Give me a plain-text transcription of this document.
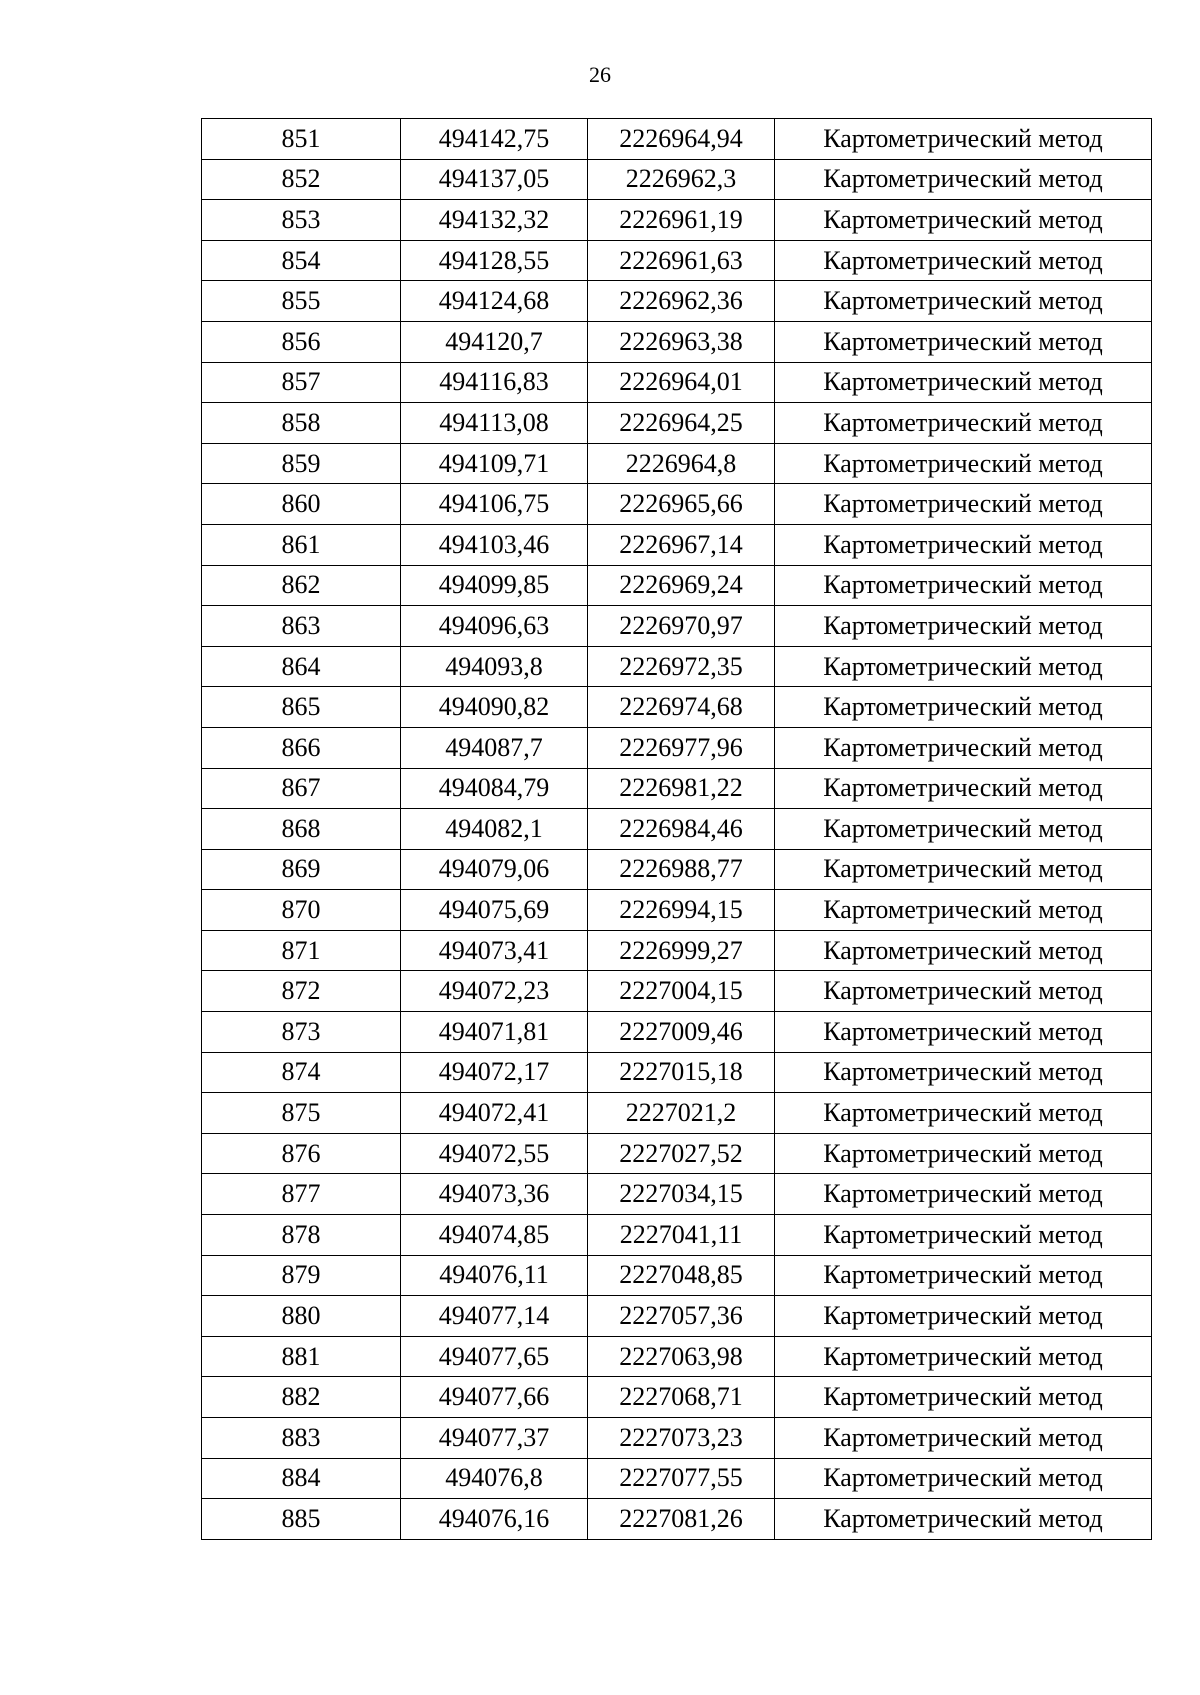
26
851	494142,75	2226964,94	Картометрический метод
852	494137,05	2226962,3	Картометрический метод
853	494132,32	2226961,19	Картометрический метод
854	494128,55	2226961,63	Картометрический метод
855	494124,68	2226962,36	Картометрический метод
856	494120,7	2226963,38	Картометрический метод
857	494116,83	2226964,01	Картометрический метод
858	494113,08	2226964,25	Картометрический метод
859	494109,71	2226964,8	Картометрический метод
860	494106,75	2226965,66	Картометрический метод
861	494103,46	2226967,14	Картометрический метод
862	494099,85	2226969,24	Картометрический метод
863	494096,63	2226970,97	Картометрический метод
864	494093,8	2226972,35	Картометрический метод
865	494090,82	2226974,68	Картометрический метод
866	494087,7	2226977,96	Картометрический метод
867	494084,79	2226981,22	Картометрический метод
868	494082,1	2226984,46	Картометрический метод
869	494079,06	2226988,77	Картометрический метод
870	494075,69	2226994,15	Картометрический метод
871	494073,41	2226999,27	Картометрический метод
872	494072,23	2227004,15	Картометрический метод
873	494071,81	2227009,46	Картометрический метод
874	494072,17	2227015,18	Картометрический метод
875	494072,41	2227021,2	Картометрический метод
876	494072,55	2227027,52	Картометрический метод
877	494073,36	2227034,15	Картометрический метод
878	494074,85	2227041,11	Картометрический метод
879	494076,11	2227048,85	Картометрический метод
880	494077,14	2227057,36	Картометрический метод
881	494077,65	2227063,98	Картометрический метод
882	494077,66	2227068,71	Картометрический метод
883	494077,37	2227073,23	Картометрический метод
884	494076,8	2227077,55	Картометрический метод
885	494076,16	2227081,26	Картометрический метод
